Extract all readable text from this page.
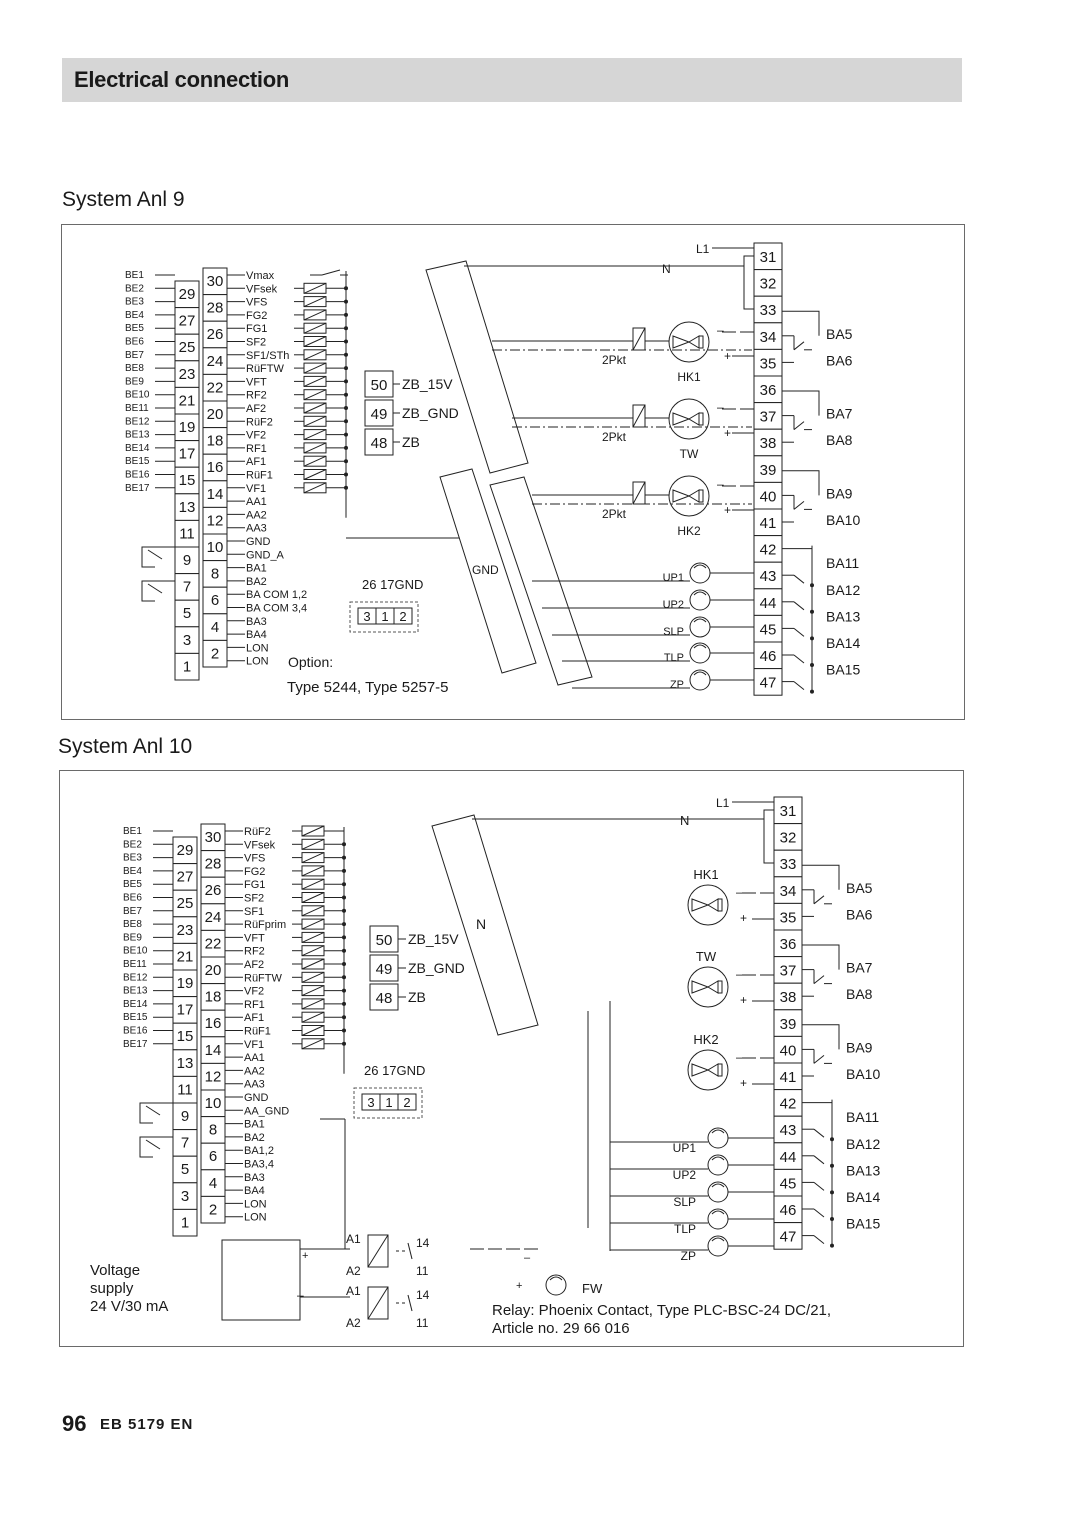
Electrical connection
System Anl 9
BE1
BE2
BE3
BE4
BE5
BE6
BE7
BE8
BE9
BE10
BE11
BE12
BE13
BE14
BE15
BE16
BE17
30
28
26
24
22
20
18
16
14
12
10
8
6
4
2
29
27
25
23
21
19
17
15
13
11
9
7
5
3
1
Vmax
VFsek
VFS
FG2
FG1
SF2
SF1/STh
RüFTW
VFT
RF2
AF2
RüF2
VF2
RF1
AF1
RüF1
VF1
AA1
AA2
AA3
GND
GND_A
BA1
BA2
BA COM 1,2
BA COM 3,4
BA3
BA4
LON
LON
50 ZB_15V
49 ZB_GND
48 ZB
26 17GND
3 1 2
Option:
Type 5244, Type 5257-5
GND
31
32
33
34
35
36
37
38
39
40
41
42
43
44
45
46
47
L1
BA5
BA6
BA7
BA8
BA9
BA10
BA11
BA12
BA13
BA14
BA15
N
HK1
–
+
2Pkt
TW
–
+
2Pkt
HK2
–
+
2Pkt
UP1
UP2
SLP
TLP
ZP
System Anl 10
BE1
BE2
BE3
BE4
BE5
BE6
BE7
BE8
BE9
BE10
BE11
BE12
BE13
BE14
BE15
BE16
BE17
30
28
26
24
22
20
18
16
14
12
10
8
6
4
2
29
27
25
23
21
19
17
15
13
11
9
7
5
3
1
RüF2
VFsek
VFS
FG2
FG1
SF2
SF1
RüFprim
VFT
RF2
AF2
RüFTW
VF2
RF1
AF1
RüF1
VF1
AA1
AA2
AA3
GND
AA_GND
BA1
BA2
BA1,2
BA3,4
BA3
BA4
LON
LON
50 ZB_15V
49 ZB_GND
48 ZB
26 17GND
3 1 2
N
31
32
33
34
35
36
37
38
39
40
41
42
43
44
45
46
47
L1
BA5
BA6
BA7
BA8
BA9
BA10
BA11
BA12
BA13
BA14
BA15
N
HK1
–
+
TW
–
+
HK2
–
+
UP1
UP2
SLP
TLP
ZP
+
–
Voltage
supply
24 V/30 mA
A1
A2
14
11
A1
A2
14
11
FW
+
–
Relay: Phoenix Contact, Type PLC-BSC-24 DC/21,
Article no. 29 66 016
96 EB 5179 EN
